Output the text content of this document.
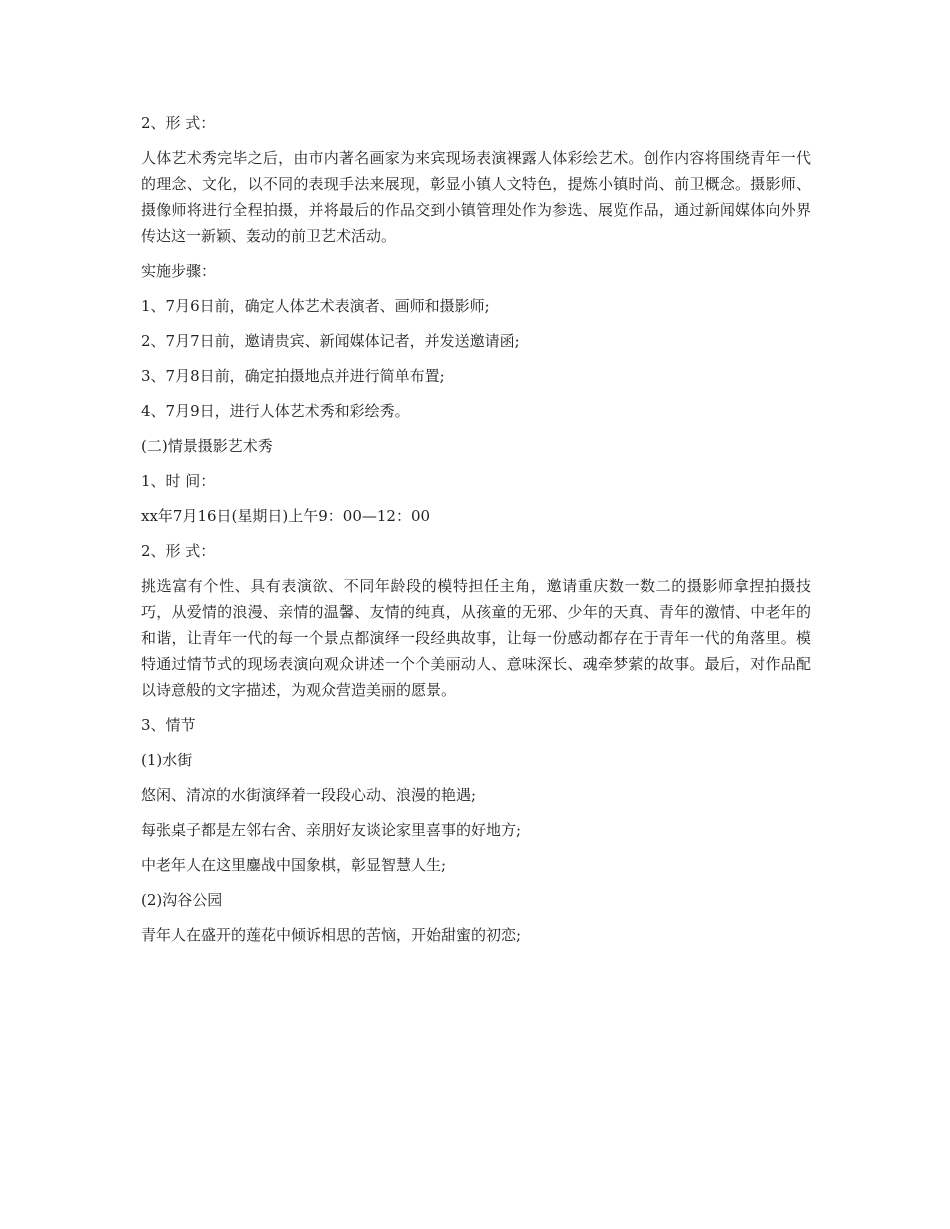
2、形 式：

人体艺术秀完毕之后，由市内著名画家为来宾现场表演裸露人体彩绘艺术。创作内容将围绕青年一代的理念、文化，以不同的表现手法来展现，彰显小镇人文特色，提炼小镇时尚、前卫概念。摄影师、摄像师将进行全程拍摄，并将最后的作品交到小镇管理处作为参选、展览作品，通过新闻媒体向外界传达这一新颖、轰动的前卫艺术活动。

实施步骤：

1、7月6日前，确定人体艺术表演者、画师和摄影师;

2、7月7日前，邀请贵宾、新闻媒体记者，并发送邀请函;

3、7月8日前，确定拍摄地点并进行简单布置;

4、7月9日，进行人体艺术秀和彩绘秀。

(二)情景摄影艺术秀

1、时 间：

xx年7月16日(星期日)上午9：00—12：00

2、形 式：

挑选富有个性、具有表演欲、不同年龄段的模特担任主角，邀请重庆数一数二的摄影师拿捏拍摄技巧，从爱情的浪漫、亲情的温馨、友情的纯真，从孩童的无邪、少年的天真、青年的激情、中老年的和谐，让青年一代的每一个景点都演绎一段经典故事，让每一份感动都存在于青年一代的角落里。模特通过情节式的现场表演向观众讲述一个个美丽动人、意味深长、魂牵梦萦的故事。最后，对作品配以诗意般的文字描述，为观众营造美丽的愿景。

3、情节

(1)水街

悠闲、清凉的水街演绎着一段段心动、浪漫的艳遇;

每张桌子都是左邻右舍、亲朋好友谈论家里喜事的好地方;

中老年人在这里鏖战中国象棋，彰显智慧人生;

(2)沟谷公园

青年人在盛开的莲花中倾诉相思的苦恼，开始甜蜜的初恋;
